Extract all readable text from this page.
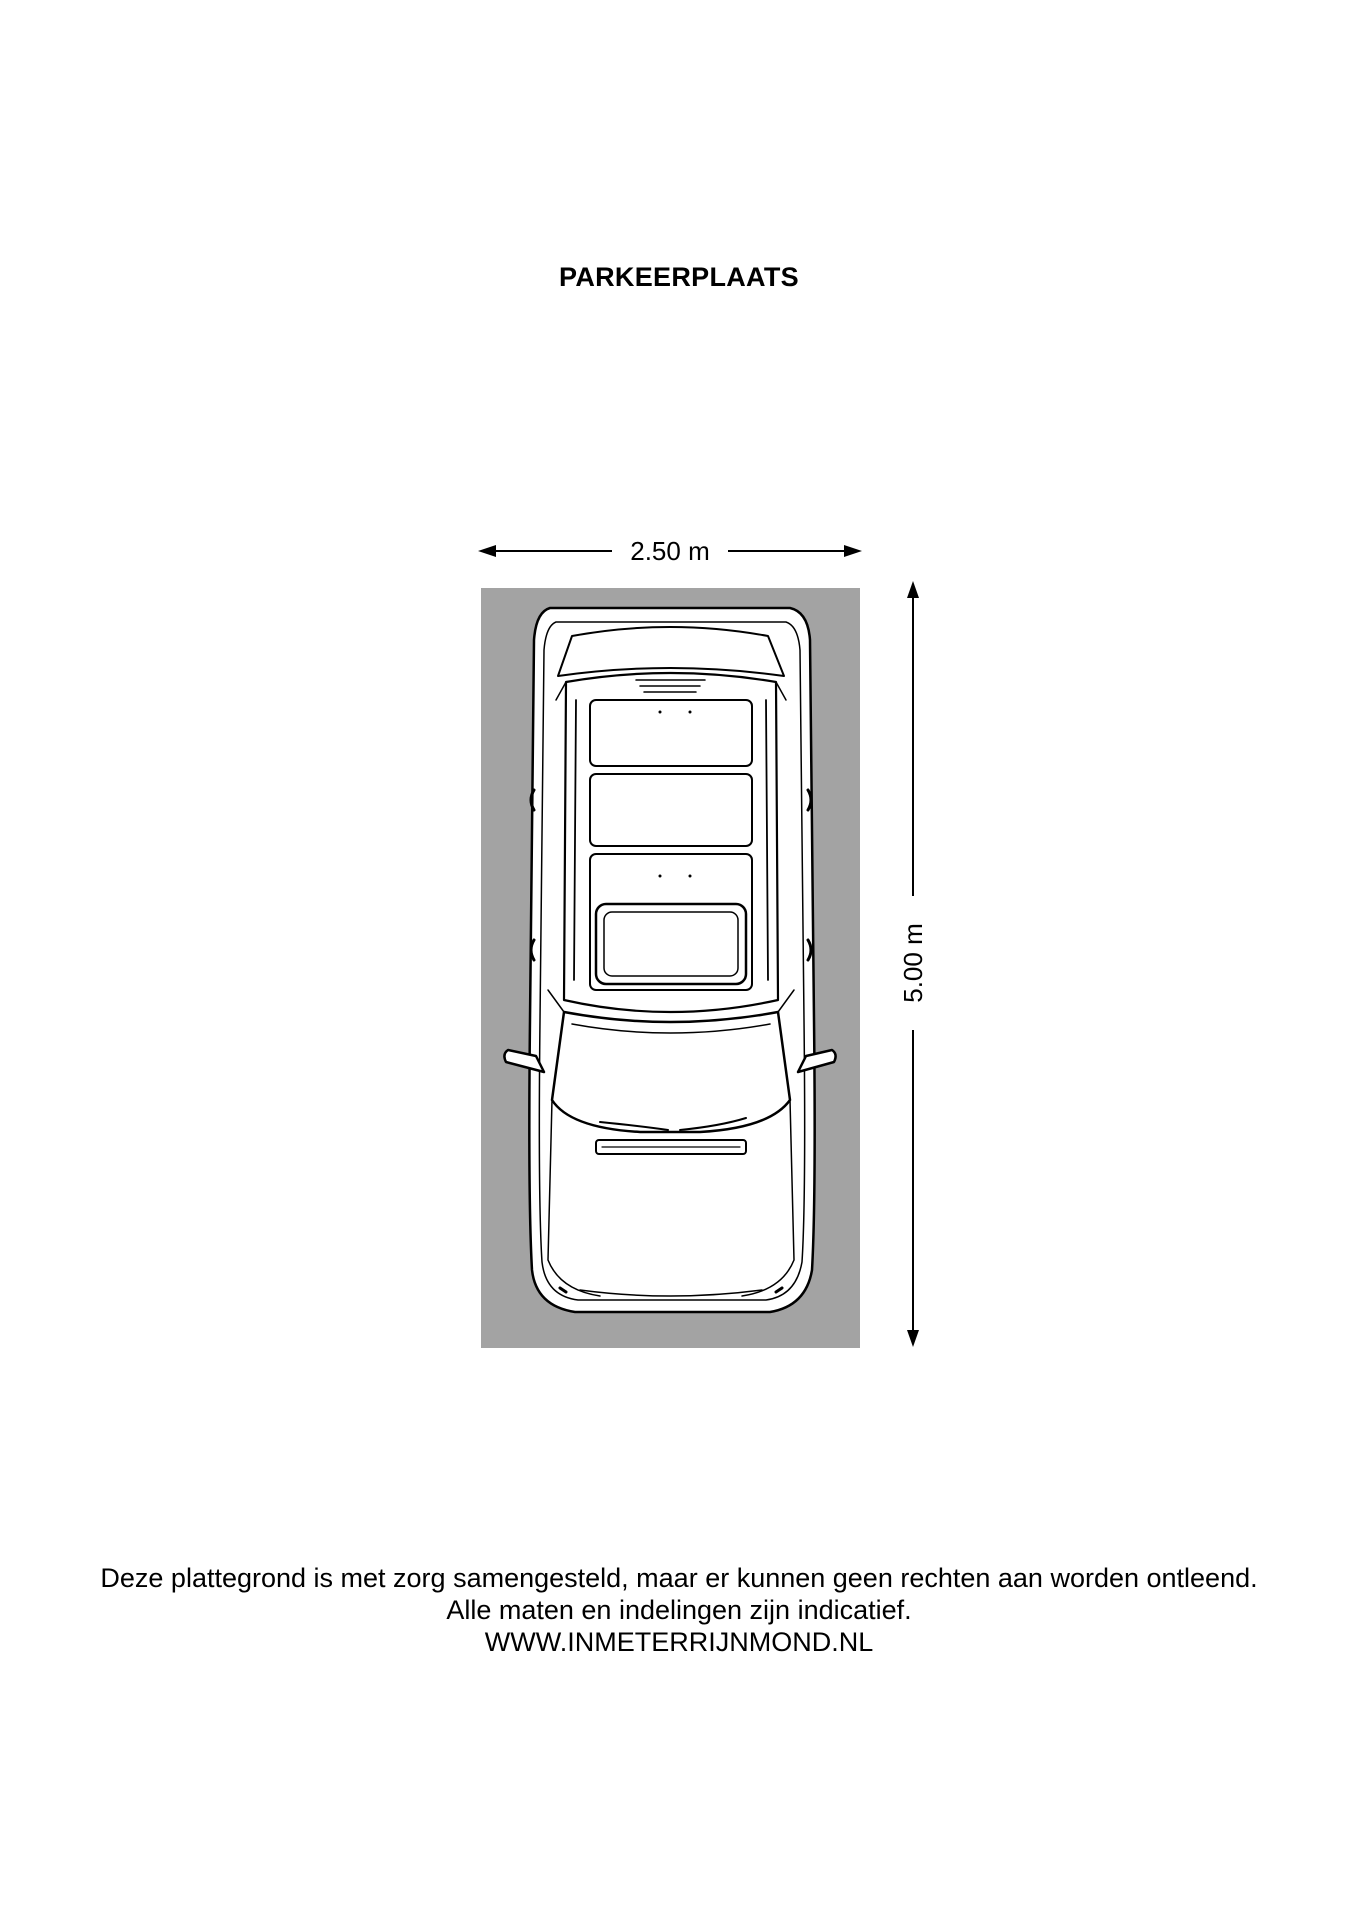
PARKEERPLAATS
2.50 m
5.00 m
Deze plattegrond is met zorg samengesteld, maar er kunnen geen rechten aan worden ontleend.
Alle maten en indelingen zijn indicatief.
WWW.INMETERRIJNMOND.NL
